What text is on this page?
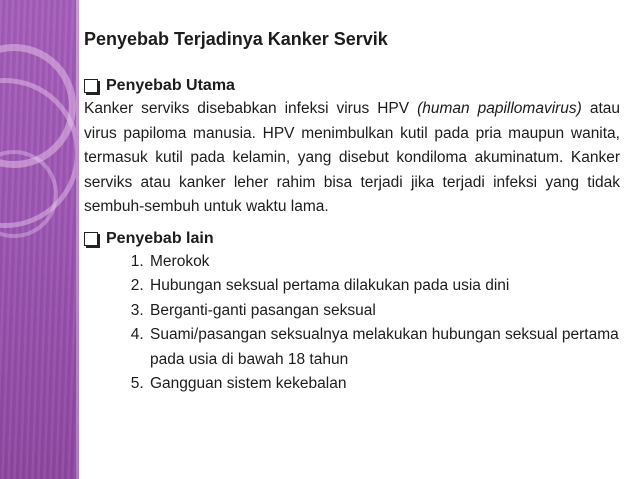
Penyebab Terjadinya Kanker Servik
Penyebab Utama

Kanker serviks disebabkan infeksi virus HPV (human papillomavirus) atau virus papiloma manusia. HPV menimbulkan kutil pada pria maupun wanita, termasuk kutil pada kelamin, yang disebut kondiloma akuminatum. Kanker serviks atau kanker leher rahim bisa terjadi jika terjadi infeksi yang tidak sembuh-sembuh untuk waktu lama.

Penyebab lain
1. Merokok
2. Hubungan seksual pertama dilakukan pada usia dini
3. Berganti-ganti pasangan seksual
4. Suami/pasangan seksualnya melakukan hubungan seksual pertama pada usia di bawah 18 tahun
5. Gangguan sistem kekebalan
